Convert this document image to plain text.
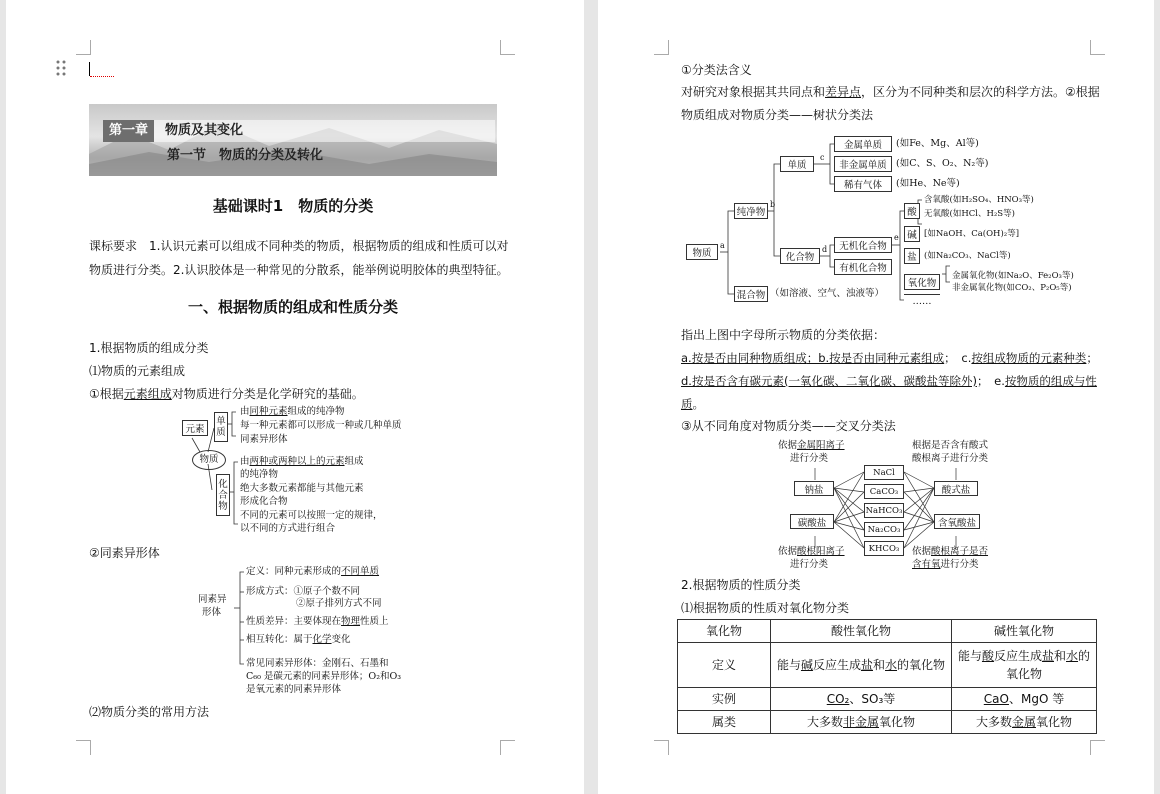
第一章	物质及其变化
第一节　物质的分类及转化
基础课时1　物质的分类
课标要求　1.认识元素可以组成不同种类的物质，根据物质的组成和性质可以对
物质进行分类。2.认识胶体是一种常见的分散系，能举例说明胶体的典型特征。
一、根据物质的组成和性质分类
1.根据物质的组成分类
⑴物质的元素组成
①根据元素组成对物质进行分类是化学研究的基础。
元素
物质
单
质
化
合
物
由同种元素组成的纯净物
每一种元素都可以形成一种或几种单质
同素异形体
由两种或两种以上的元素组成
的纯净物
绝大多数元素都能与其他元素
形成化合物
不同的元素可以按照一定的规律，
以不同的方式进行组合
②同素异形体
同素异
形体
定义：同种元素形成的不同单质
形成方式：①原子个数不同
②原子排列方式不同
性质差异：主要体现在物理性质上
相互转化：属于化学变化
常见同素异形体：金刚石、石墨和
C₆₀ 是碳元素的同素异形体；O₂和O₃
是氧元素的同素异形体
⑵物质分类的常用方法
①分类法含义
对研究对象根据其共同点和差异点，区分为不同种类和层次的科学方法。②根据
物质组成对物质分类——树状分类法
物质
a
纯净物
混合物 （如溶液、空气、浊液等）
b
单质
化合物
c
金属单质
非金属单质
稀有气体
(如Fe、Mg、Al等)
(如C、S、O₂、N₂等)
(如He、Ne等)
d	无机化合物
有机化合物
e
酸
碱
盐
氧化物
……
含氧酸(如H₂SO₄、HNO₃等)
无氧酸(如HCl、H₂S等)
[如NaOH、Ca(OH)₂等]
(如Na₂CO₃、NaCl等)
金属氧化物(如Na₂O、Fe₂O₃等)
非金属氧化物(如CO₂、P₂O₅等)
指出上图中字母所示物质的分类依据：
a.按是否由同种物质组成；b.按是否由同种元素组成；　c.按组成物质的元素种类；
d.按是否含有碳元素(一氧化碳、二氧化碳、碳酸盐等除外)；　e.按物质的组成与性
质。
③从不同角度对物质分类——交叉分类法
依据金属阳离子
进行分类
根据是否含有酸式
酸根离子进行分类
钠盐
碳酸盐
酸式盐
含氧酸盐
NaCl
CaCO₃
NaHCO₃
Na₂CO₃
KHCO₃
依据酸根阳离子
进行分类
依据酸根离子是否
含有氧进行分类
2.根据物质的性质分类
⑴根据物质的性质对氧化物分类
氧化物	酸性氧化物	碱性氧化物
定义	能与碱反应生成盐和水的氧化物	能与酸反应生成盐和水的
氧化物
实例	CO₂、SO₃等	CaO、MgO 等
属类	大多数非金属氧化物	大多数金属氧化物
